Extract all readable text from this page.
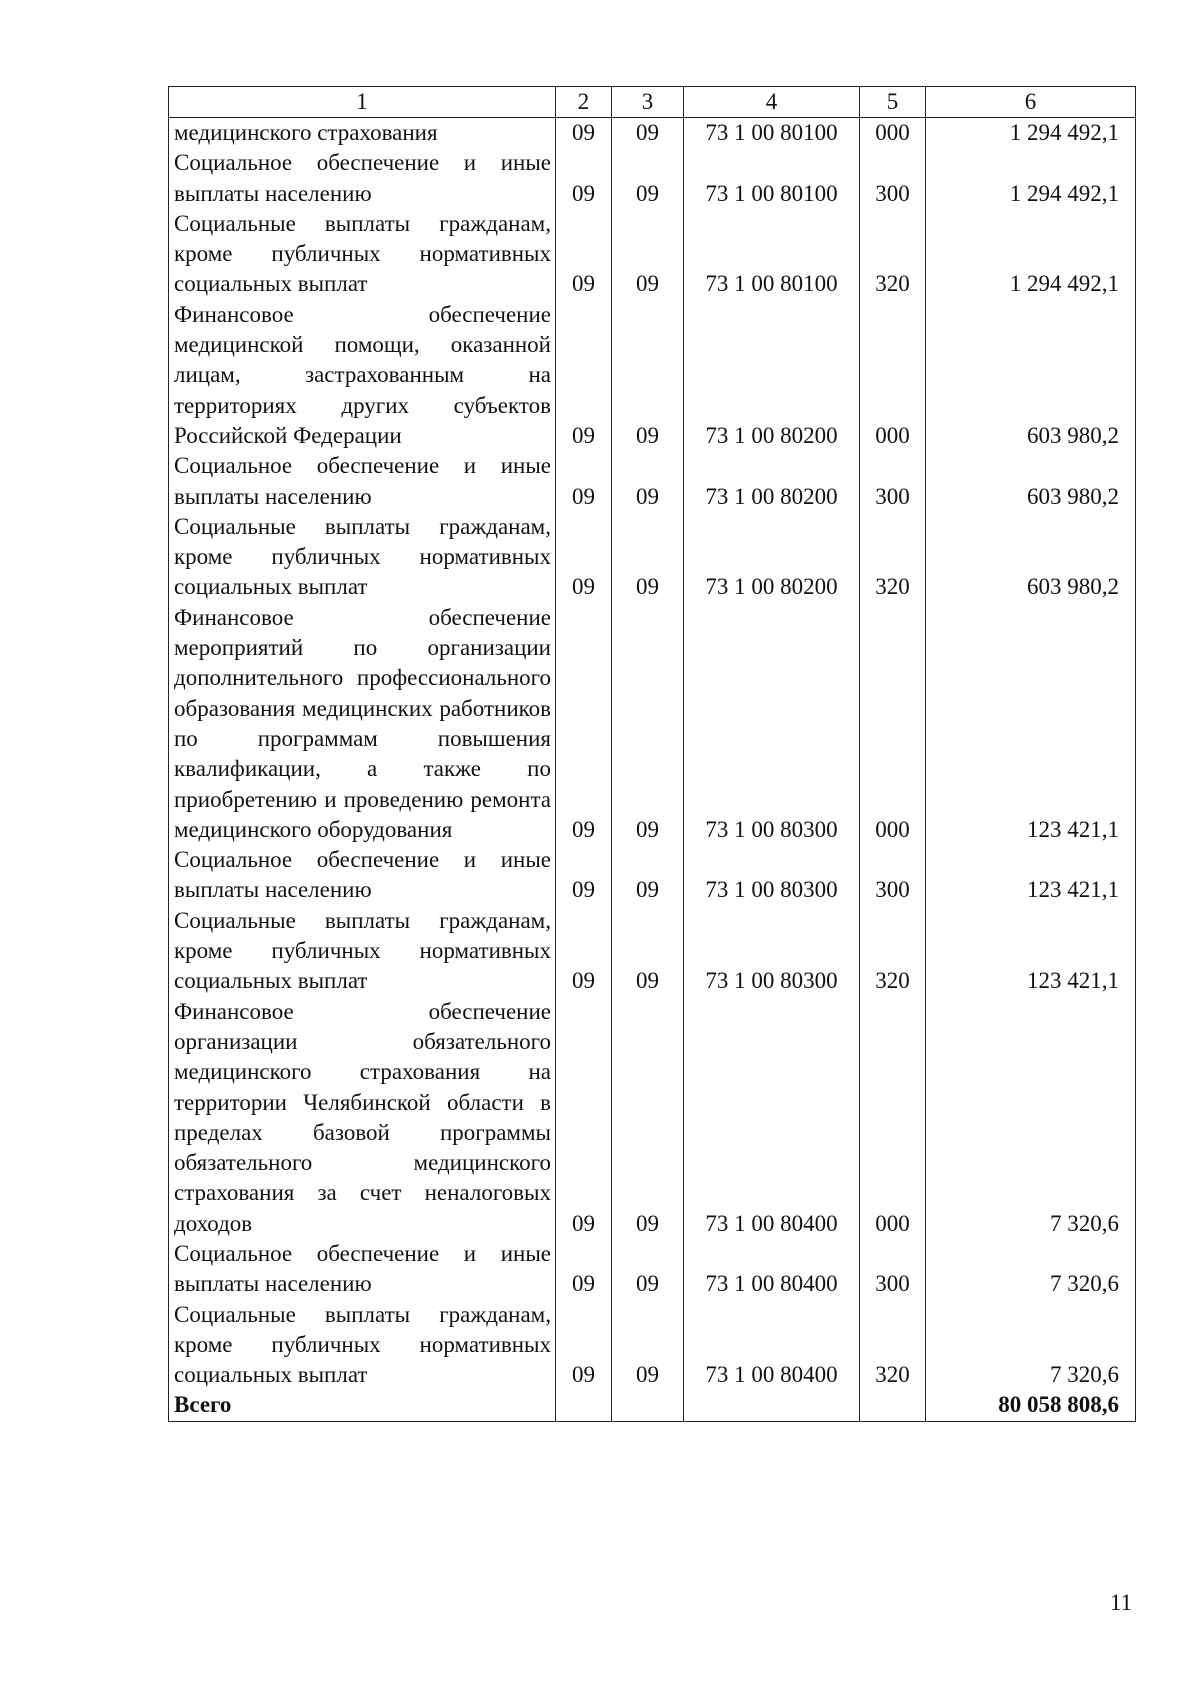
1	2	3	4	5	6
медицинского страхования	09	09	73 1 00 80100	000	1 294 492,1
Социальное обеспечение и иные выплаты населению	09	09	73 1 00 80100	300	1 294 492,1
Социальные выплаты гражданам, кроме публичных нормативных социальных выплат	09	09	73 1 00 80100	320	1 294 492,1
Финансовое обеспечение медицинской помощи, оказанной лицам, застрахованным на территориях других субъектов Российской Федерации	09	09	73 1 00 80200	000	603 980,2
Социальное обеспечение и иные выплаты населению	09	09	73 1 00 80200	300	603 980,2
Социальные выплаты гражданам, кроме публичных нормативных социальных выплат	09	09	73 1 00 80200	320	603 980,2
Финансовое обеспечение мероприятий по организации дополнительного профессионального образования медицинских работников по программам повышения квалификации, а также по приобретению и проведению ремонта медицинского оборудования	09	09	73 1 00 80300	000	123 421,1
Социальное обеспечение и иные выплаты населению	09	09	73 1 00 80300	300	123 421,1
Социальные выплаты гражданам, кроме публичных нормативных социальных выплат	09	09	73 1 00 80300	320	123 421,1
Финансовое обеспечение организации обязательного медицинского страхования на территории Челябинской области в пределах базовой программы обязательного медицинского страхования за счет неналоговых доходов	09	09	73 1 00 80400	000	7 320,6
Социальное обеспечение и иные выплаты населению	09	09	73 1 00 80400	300	7 320,6
Социальные выплаты гражданам, кроме публичных нормативных социальных выплат	09	09	73 1 00 80400	320	7 320,6
Всего					80 058 808,6
11
